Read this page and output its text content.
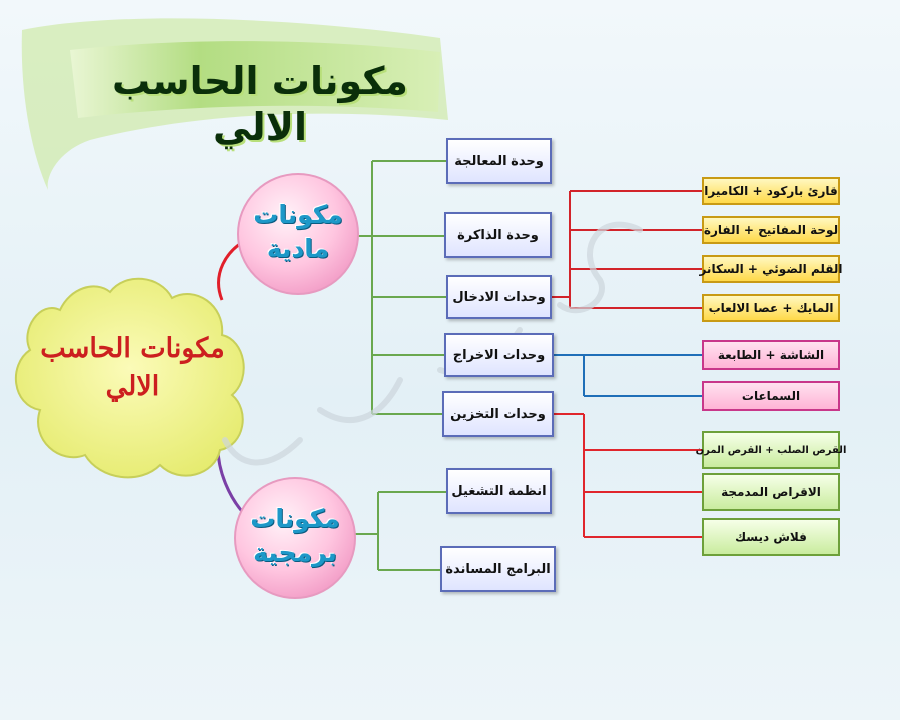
مكونات الحاسب الالي
مكونات الحاسب
الالي
مكونات
مادية
مكونات
برمجية
وحدة المعالجة
وحدة الذاكرة
وحدات الادخال
وحدات الاخراج
وحدات التخزين
انظمة التشغيل
البرامج المساندة
قارئ باركود + الكاميرا
لوحة المفاتيح + الفارة
القلم الضوئي + السكانر
المايك + عصا الالعاب
الشاشة + الطابعة
السماعات
القرص الصلب + القرص المرن
الاقراص المدمجة
فلاش ديسك
